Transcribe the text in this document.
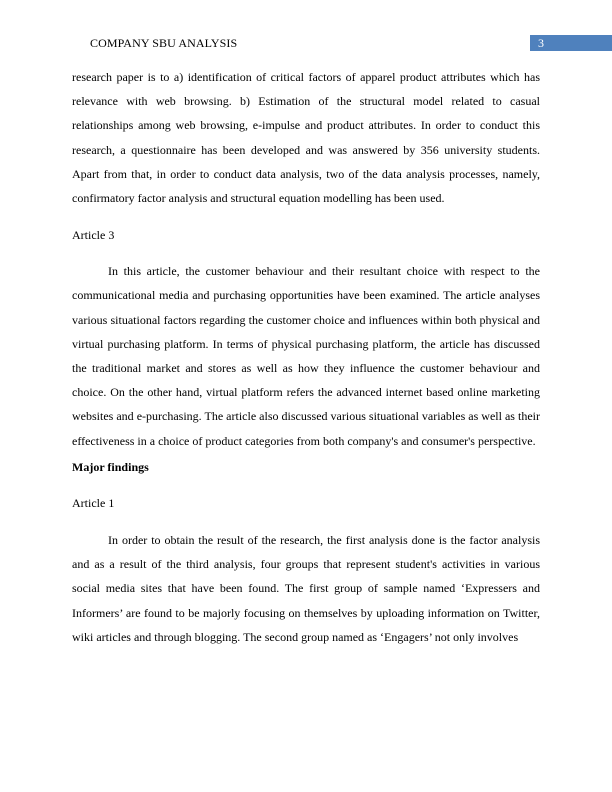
COMPANY SBU ANALYSIS	3

research paper is to a) identification of critical factors of apparel product attributes which has relevance with web browsing. b) Estimation of the structural model related to casual relationships among web browsing, e-impulse and product attributes. In order to conduct this research, a questionnaire has been developed and was answered by 356 university students. Apart from that, in order to conduct data analysis, two of the data analysis processes, namely, confirmatory factor analysis and structural equation modelling has been used.

Article 3

In this article, the customer behaviour and their resultant choice with respect to the communicational media and purchasing opportunities have been examined. The article analyses various situational factors regarding the customer choice and influences within both physical and virtual purchasing platform. In terms of physical purchasing platform, the article has discussed the traditional market and stores as well as how they influence the customer behaviour and choice. On the other hand, virtual platform refers the advanced internet based online marketing websites and e-purchasing. The article also discussed various situational variables as well as their effectiveness in a choice of product categories from both company's and consumer's perspective.

Major findings

Article 1

In order to obtain the result of the research, the first analysis done is the factor analysis and as a result of the third analysis, four groups that represent student's activities in various social media sites that have been found. The first group of sample named ‘Expressers and Informers’ are found to be majorly focusing on themselves by uploading information on Twitter, wiki articles and through blogging. The second group named as ‘Engagers’ not only involves
